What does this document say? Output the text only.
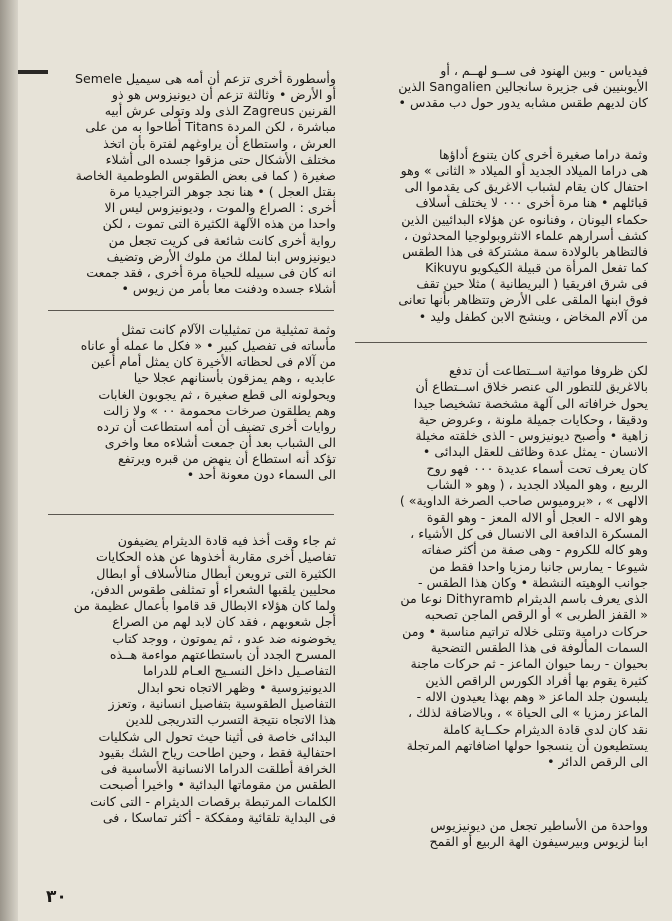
فيدياس - وبين الهنود فى ســو لهــم ، أو
الأيوبنيين فى جزيرة سانجالين Sangalien الذين
كان لديهم طقس مشابه يدور حول دب مقدس •

وثمة دراما صغيرة أخرى كان يتنوع أداؤها
هى دراما الميلاد الجديد أو الميلاد « الثانى » وهو
احتفال كان يقام لشباب الاغريق كى يقدموا الى
قبائلهم • هنا مرة أخرى ٠٠٠ لا يختلف أسلاف
حكماء اليونان ، وفنانوه عن هؤلاء البدائيين الذين
كشف أسرارهم علماء الانثروبولوجيا المحدثون ،
فالتظاهر بالولادة سمة مشتركة فى هذا الطقس
كما تفعل المرأة من قبيلة الكيكويو Kikuyu
فى شرق افريقيا ( البريطانية ) مثلا حين تقف
فوق ابنها الملقى على الأرض وتتظاهر بأنها تعانى
من آلام المخاض ، وينشج الابن كطفل وليد •

لكن ظروفا مواتية اســتطاعت أن تدفع
بالاغريق للتطور الى عنصر خلاق اســتطاع أن
يحول خرافاته الى آلهة مشخصة تشخيصا جيدا
ودقيقا ، وحكايات جميلة ملونة ، وعروض حية
زاهية • وأصبح ديونيزوس - الذى خلقته مخيلة
الانسان - يمثل عدة وظائف للعقل البدائى •
كان يعرف تحت أسماء عديدة ٠٠٠ فهو روح
الربيع ، وهو الميلاد الجديد ، ( وهو « الشاب
الالهى » ، «برومیوس صاحب الصرخة الداوية» )
وهو الاله - العجل أو الاله المعز - وهو القوة
المسكرة الدافعة الى الانسال فى كل الأشياء ،
وهو كاله للكروم - وهى صفة من أكثر صفاته
شيوعا - يمارس جانبا رمزيا واحدا فقط من
جوانب الوهيته النشطة • وكان هذا الطقس -
الذى يعرف باسم الديثرام Dithyramb نوعا من
« القفز الطربى » أو الرقص الماجن تصحبه
حركات درامية وتتلى خلاله تراتيم مناسبة • ومن
السمات المألوفة فى هذا الطقس التضحية
بحيوان - ربما حيوان الماعز - ثم حركات ماجنة
كثيرة يقوم بها أفراد الكورس الراقص الذين
يلبسون جلد الماعز « وهم بهذا يعيدون الاله -
الماعز رمزيا » الى الحياة » ، وبالاضافة لذلك ،
نقد كان لدى قادة الديثرام حكــاية كاملة
يستطيعون أن ينسجوا حولها اضافاتهم المرتجلة
الى الرقص الدائر •

وواحدة من الأساطير تجعل من ديونيزيوس
ابنا لزيوس وبيرسيفون الهة الربيع أو القمح

وأسطورة أخرى تزعم أن أمه هى سيميل Semele
أو الأرض • وثالثة تزعم أن ديونيزوس هو ذو
القرنين Zagreus الذى ولد وتولى عرش أبيه
مباشرة ، لكن المردة Titans أطاحوا به من على
العرش ، واستطاع أن يراوغهم لفترة بأن اتخذ
مختلف الأشكال حتى مزقوا جسده الى أشلاء
صغيرة ( كما فى بعض الطقوس الطوطمية الخاصة
بقتل العجل ) • هنا نجد جوهر التراجيديا مرة
أخرى : الصراع والموت ، وديونيزوس ليس الا
واحدا من هذه الآلهة الكثيرة التى تموت ، لكن
رواية أخرى كانت شائعة فى كريت تجعل من
ديونيزوس ابنا لملك من ملوك الأرض وتضيف
انه كان فى سبيله للحياة مرة أخرى ، فقد جمعت
أشلاء جسده ودفنت معا بأمر من زيوس •

وثمة تمثيلية من تمثيليات الآلام كانت تمثل
مأساته فى تفصيل كبير • « فكل ما عمله أو عاناه
من آلام فى لحظاته الأخيرة كان يمثل أمام أعين
عابديه ، وهم يمزقون بأسنانهم عجلا حيا
ويحولونه الى قطع صغيرة ، ثم يجوبون الغابات
وهم يطلقون صرخات محمومة ٠٠ » ولا زالت
روايات أخرى تضيف أن أمه استطاعت أن ترده
الى الشباب بعد أن جمعت أشلاءه معا واخرى
تؤكد أنه استطاع أن ينهض من قبره ويرتفع
الى السماء دون معونة أحد •

ثم جاء وقت أخذ فيه قادة الديثرام يضيفون
تفاصيل أخرى مقاربة أخذوها عن هذه الحكايات
الكثيرة التى ترويعن أبطال منالأسلاف أو ابطال
محليين يلقبها الشعراء أو تمثلفى طقوس الدفن،
ولما كان هؤلاء الابطال قد قاموا بأعمال عظيمة من
أجل شعوبهم ، فقد كان لابد لهم من الصراع
يخوضونه ضد عدو ، ثم يموتون ، ووجد كتاب
المسرح الجدد أن باستطاعتهم مواءمة هــذه
التفاصـيل داخل النسـيج العـام للدراما
الديونيزوسية • وظهر الاتجاه نحو ابدال
التفاصيل الطقوسية بتفاصيل انسانية ، وتعزز
هذا الاتجاه نتيجة التسرب التدريجى للدين
البدائى خاصة فى أثينا حيث تحول الى شكليات
احتفالية فقط ، وحين اطاحت رياح الشك بقيود
الخرافة أطلقت الدراما الانسانية الأساسية فى
الطقس من مقوماتها البدائية • واخيرا أصبحت
الكلمات المرتبطة برقصات الديثرام - التى كانت
فى البداية تلقائية ومفككة - أكثر تماسكا ، فى

٣٠
